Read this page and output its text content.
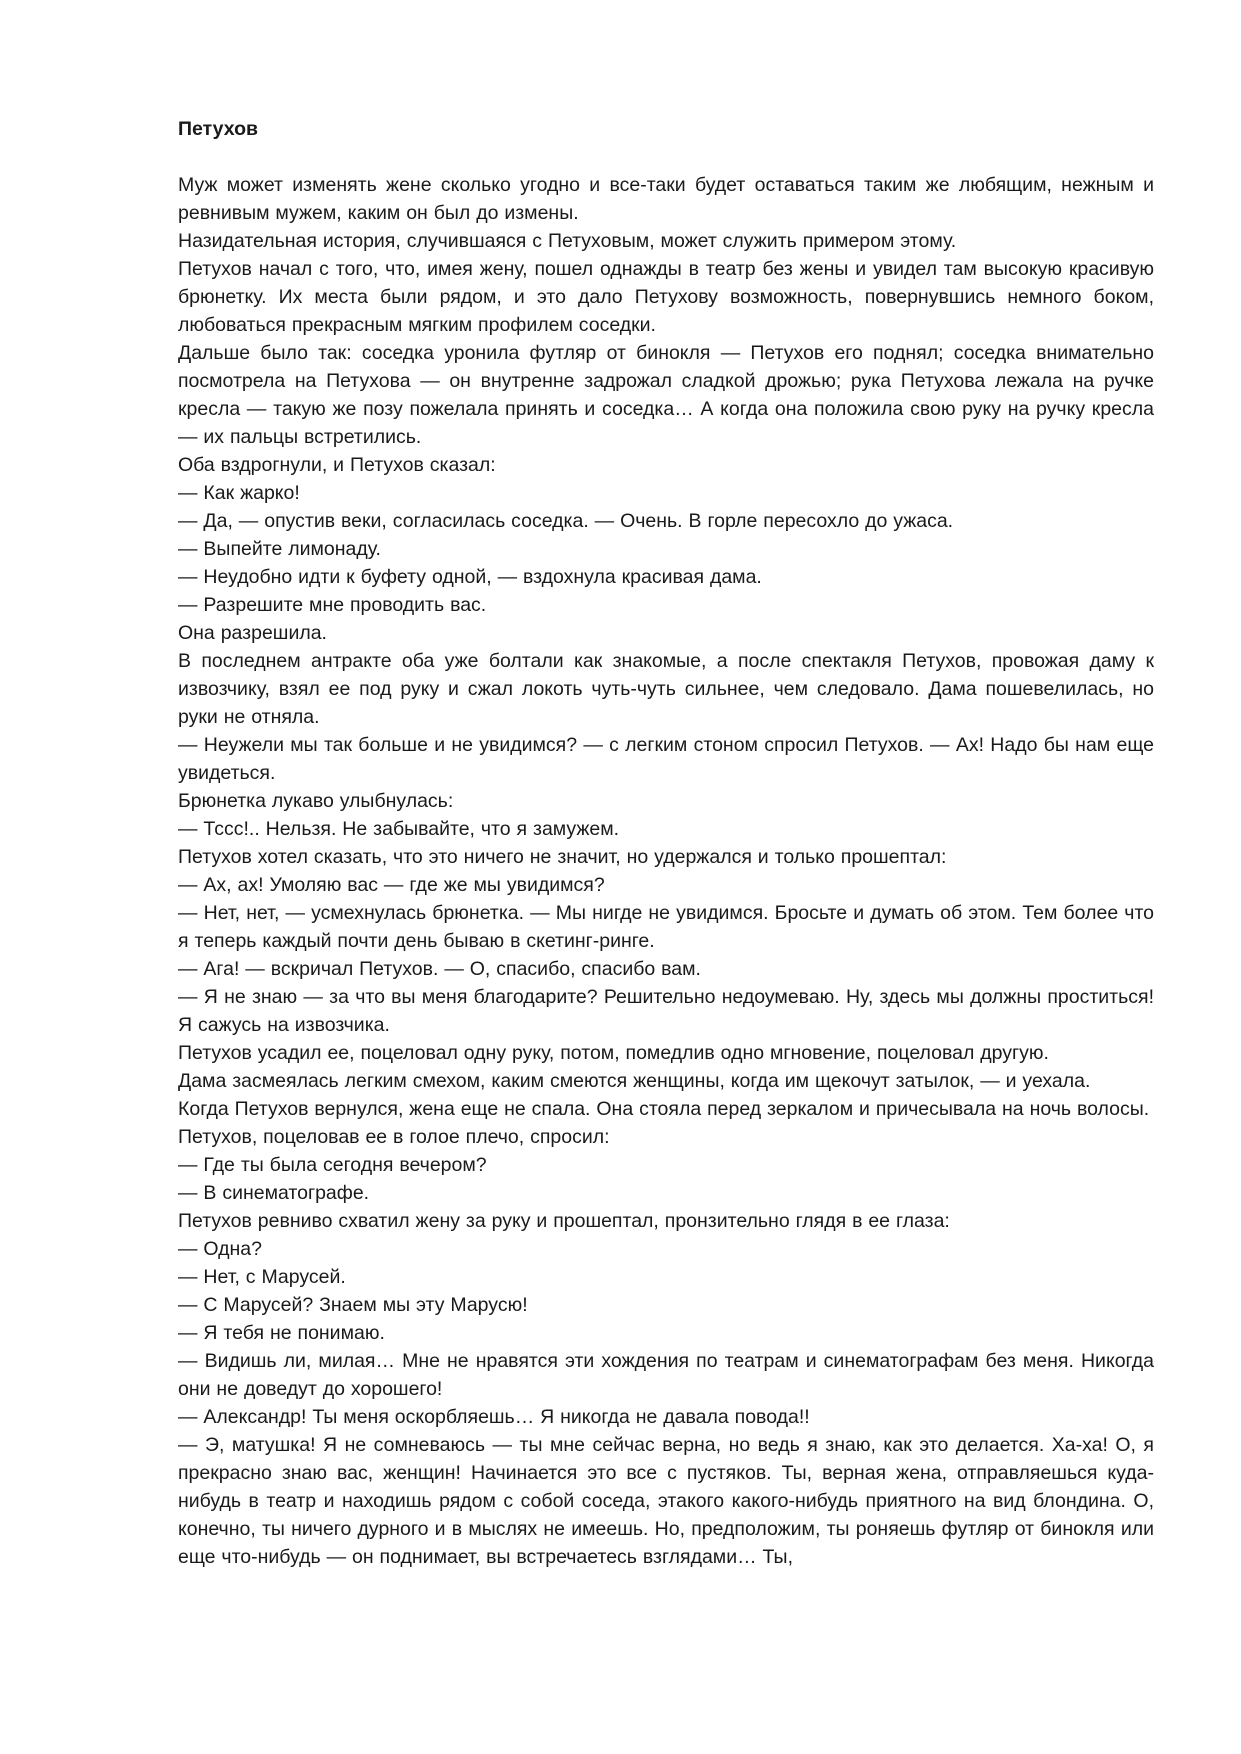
Петухов

Муж может изменять жене сколько угодно и все-таки будет оставаться таким же любящим, нежным и ревнивым мужем, каким он был до измены.

Назидательная история, случившаяся с Петуховым, может служить примером этому.

Петухов начал с того, что, имея жену, пошел однажды в театр без жены и увидел там высокую красивую брюнетку. Их места были рядом, и это дало Петухову возможность, повернувшись немного боком, любоваться прекрасным мягким профилем соседки.

Дальше было так: соседка уронила футляр от бинокля — Петухов его поднял; соседка внимательно посмотрела на Петухова — он внутренне задрожал сладкой дрожью; рука Петухова лежала на ручке кресла — такую же позу пожелала принять и соседка… А когда она положила свою руку на ручку кресла — их пальцы встретились.

Оба вздрогнули, и Петухов сказал:

— Как жарко!

— Да, — опустив веки, согласилась соседка. — Очень. В горле пересохло до ужаса.

— Выпейте лимонаду.

— Неудобно идти к буфету одной, — вздохнула красивая дама.

— Разрешите мне проводить вас.

Она разрешила.

В последнем антракте оба уже болтали как знакомые, а после спектакля Петухов, провожая даму к извозчику, взял ее под руку и сжал локоть чуть-чуть сильнее, чем следовало. Дама пошевелилась, но руки не отняла.

— Неужели мы так больше и не увидимся? — с легким стоном спросил Петухов. — Ах! Надо бы нам еще увидеться.

Брюнетка лукаво улыбнулась:

— Тссс!.. Нельзя. Не забывайте, что я замужем.

Петухов хотел сказать, что это ничего не значит, но удержался и только прошептал:

— Ах, ах! Умоляю вас — где же мы увидимся?

— Нет, нет, — усмехнулась брюнетка. — Мы нигде не увидимся. Бросьте и думать об этом. Тем более что я теперь каждый почти день бываю в скетинг-ринге.

— Ага! — вскричал Петухов. — О, спасибо, спасибо вам.

— Я не знаю — за что вы меня благодарите? Решительно недоумеваю. Ну, здесь мы должны проститься! Я сажусь на извозчика.

Петухов усадил ее, поцеловал одну руку, потом, помедлив одно мгновение, поцеловал другую.

Дама засмеялась легким смехом, каким смеются женщины, когда им щекочут затылок, — и уехала.

Когда Петухов вернулся, жена еще не спала. Она стояла перед зеркалом и причесывала на ночь волосы.

Петухов, поцеловав ее в голое плечо, спросил:

— Где ты была сегодня вечером?

— В синематографе.

Петухов ревниво схватил жену за руку и прошептал, пронзительно глядя в ее глаза:

— Одна?

— Нет, с Марусей.

— С Марусей? Знаем мы эту Марусю!

— Я тебя не понимаю.

— Видишь ли, милая… Мне не нравятся эти хождения по театрам и синематографам без меня. Никогда они не доведут до хорошего!

— Александр! Ты меня оскорбляешь… Я никогда не давала повода!!

— Э, матушка! Я не сомневаюсь — ты мне сейчас верна, но ведь я знаю, как это делается. Ха-ха! О, я прекрасно знаю вас, женщин! Начинается это все с пустяков. Ты, верная жена, отправляешься куда-нибудь в театр и находишь рядом с собой соседа, этакого какого-нибудь приятного на вид блондина. О, конечно, ты ничего дурного и в мыслях не имеешь. Но, предположим, ты роняешь футляр от бинокля или еще что-нибудь — он поднимает, вы встречаетесь взглядами… Ты,
